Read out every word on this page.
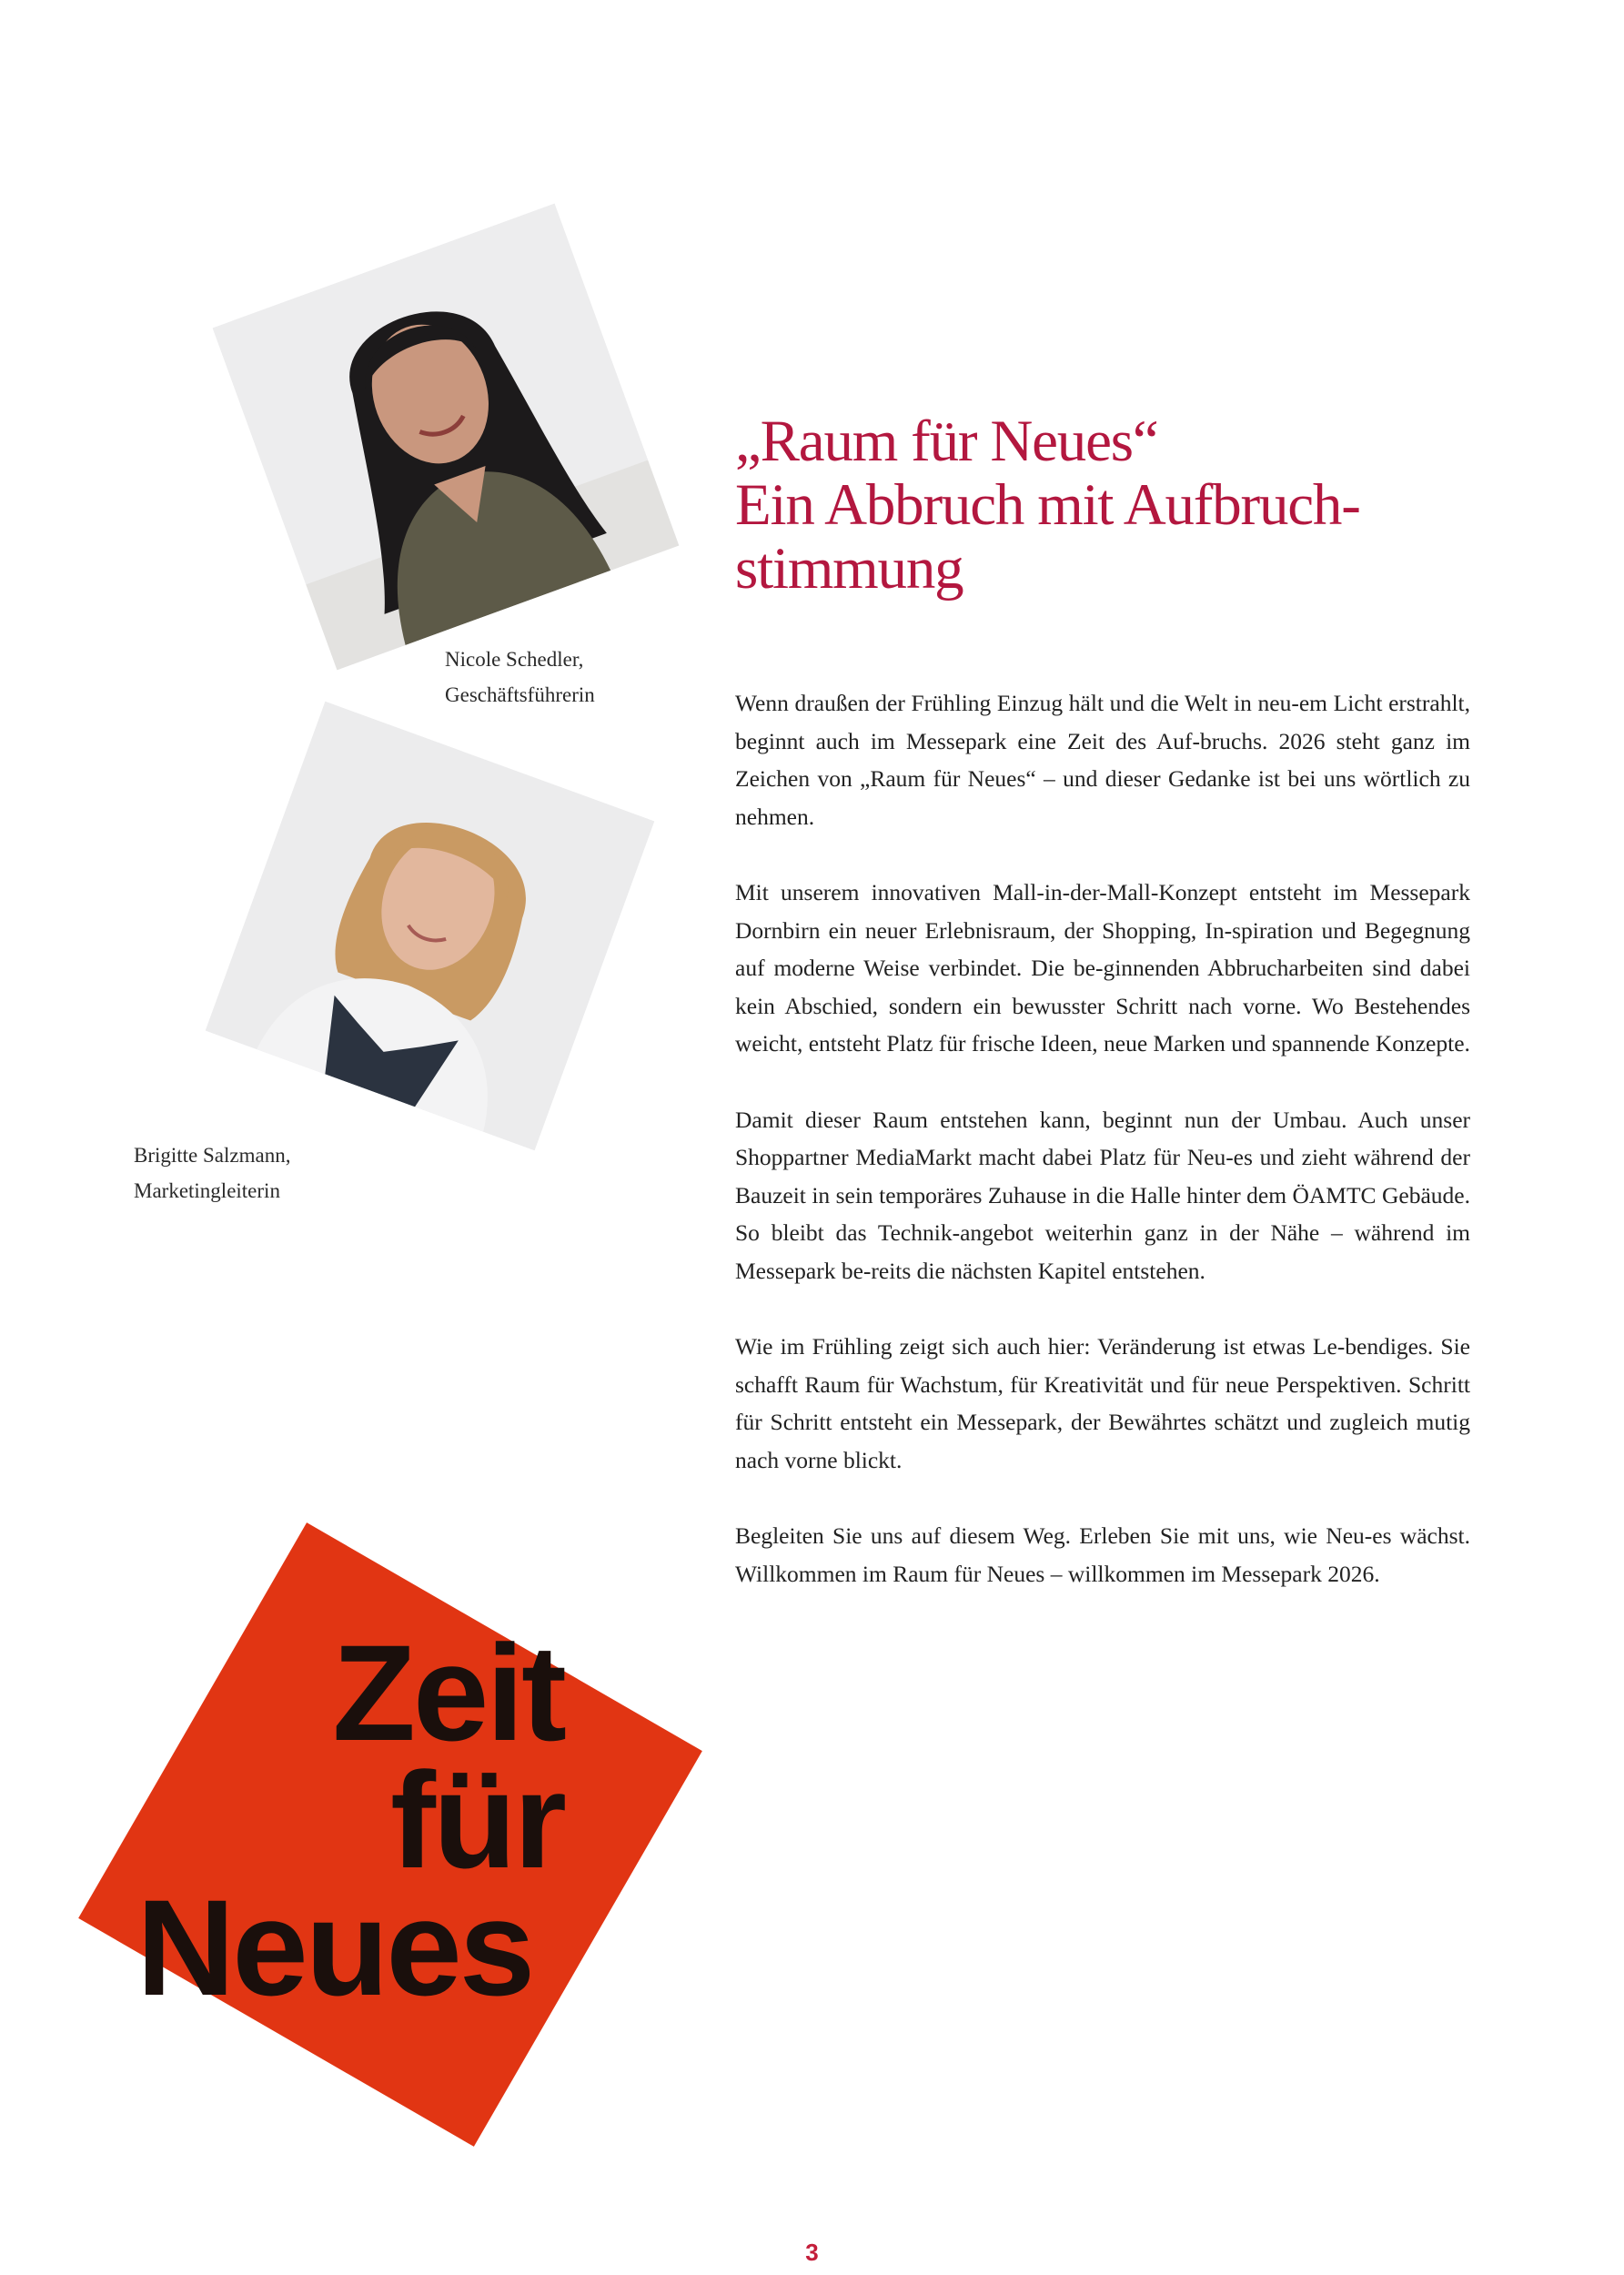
Nicole Schedler,
Geschäftsführerin
Brigitte Salzmann,
Marketingleiterin
„Raum für Neues“
Ein Abbruch mit Aufbruch-
stimmung

Wenn draußen der Frühling Einzug hält und die Welt in neu-em Licht erstrahlt, beginnt auch im Messepark eine Zeit des Auf-bruchs. 2026 steht ganz im Zeichen von „Raum für Neues“ – und dieser Gedanke ist bei uns wörtlich zu nehmen.

Mit unserem innovativen Mall-in-der-Mall-Konzept entsteht im Messepark Dornbirn ein neuer Erlebnisraum, der Shopping, In-spiration und Begegnung auf moderne Weise verbindet. Die be-ginnenden Abbrucharbeiten sind dabei kein Abschied, sondern ein bewusster Schritt nach vorne. Wo Bestehendes weicht, entsteht Platz für frische Ideen, neue Marken und spannende Konzepte.

Damit dieser Raum entstehen kann, beginnt nun der Umbau. Auch unser Shoppartner MediaMarkt macht dabei Platz für Neu-es und zieht während der Bauzeit in sein temporäres Zuhause in die Halle hinter dem ÖAMTC Gebäude. So bleibt das Technik-angebot weiterhin ganz in der Nähe – während im Messepark be-reits die nächsten Kapitel entstehen.

Wie im Frühling zeigt sich auch hier: Veränderung ist etwas Le-bendiges. Sie schafft Raum für Wachstum, für Kreativität und für neue Perspektiven. Schritt für Schritt entsteht ein Messepark, der Bewährtes schätzt und zugleich mutig nach vorne blickt.

Begleiten Sie uns auf diesem Weg. Erleben Sie mit uns, wie Neu-es wächst. Willkommen im Raum für Neues – willkommen im Messepark 2026.

Zeit
für
Neues
3
